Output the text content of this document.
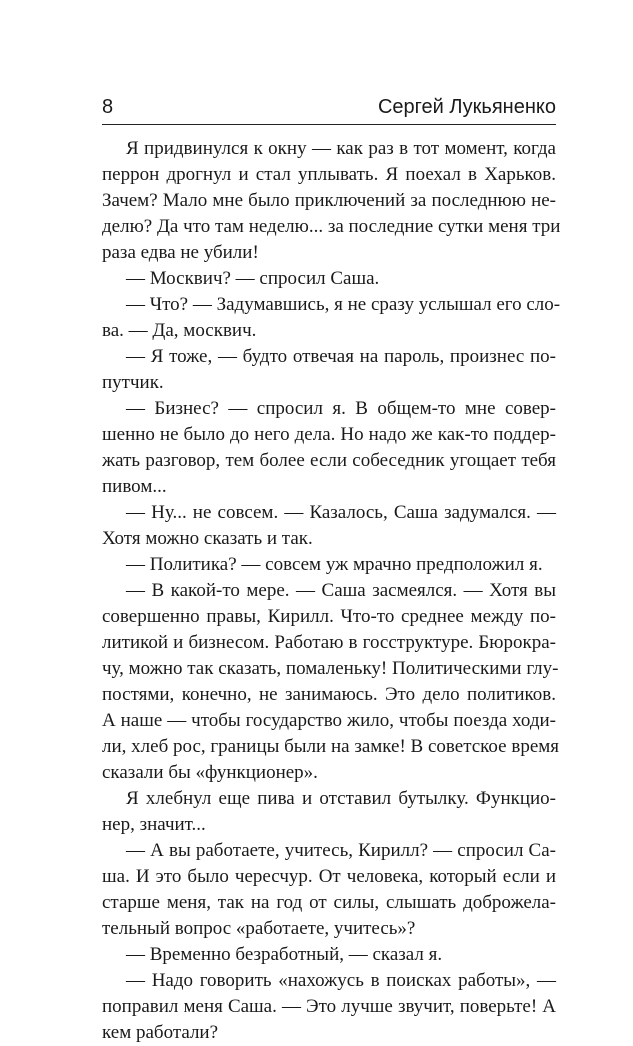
8	Сергей Лукьяненко
Я придвинулся к окну — как раз в тот момент, когда
перрон дрогнул и стал уплывать. Я поехал в Харьков.
Зачем? Мало мне было приключений за последнюю не-
делю? Да что там неделю... за последние сутки меня три
раза едва не убили!
— Москвич? — спросил Саша.
— Что? — Задумавшись, я не сразу услышал его сло-
ва. — Да, москвич.
— Я тоже, — будто отвечая на пароль, произнес по-
путчик.
— Бизнес? — спросил я. В общем-то мне совер-
шенно не было до него дела. Но надо же как-то поддер-
жать разговор, тем более если собеседник угощает тебя
пивом...
— Ну... не совсем. — Казалось, Саша задумался. —
Хотя можно сказать и так.
— Политика? — совсем уж мрачно предположил я.
— В какой-то мере. — Саша засмеялся. — Хотя вы
совершенно правы, Кирилл. Что-то среднее между по-
литикой и бизнесом. Работаю в госструктуре. Бюрокра-
чу, можно так сказать, помаленьку! Политическими глу-
постями, конечно, не занимаюсь. Это дело политиков.
А наше — чтобы государство жило, чтобы поезда ходи-
ли, хлеб рос, границы были на замке! В советское время
сказали бы «функционер».
Я хлебнул еще пива и отставил бутылку. Функцио-
нер, значит...
— А вы работаете, учитесь, Кирилл? — спросил Са-
ша. И это было чересчур. От человека, который если и
старше меня, так на год от силы, слышать доброжела-
тельный вопрос «работаете, учитесь»?
— Временно безработный, — сказал я.
— Надо говорить «нахожусь в поисках работы», —
поправил меня Саша. — Это лучше звучит, поверьте! А
кем работали?
